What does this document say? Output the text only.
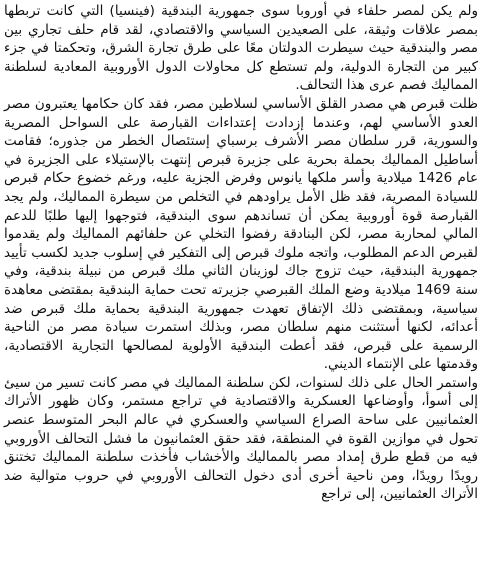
ولم يكن لمصر حلفاء في أوروبا سوى جمهورية البندقية (فينسيا) التي كانت تربطها بمصر علاقات وثيقة، على الصعيدين السياسي والاقتصادي، لقد قام حلف تجاري بين مصر والبندقية حيث سيطرت الدولتان معًا على طرق تجارة الشرق، وتحكمتا في جزء كبير من التجارة الدولية، ولم تستطع كل محاولات الدول الأوروبية المعادية لسلطنة المماليك فصم عرى هذا التحالف.

ظلت قبرص هي مصدر القلق الأساسي لسلاطين مصر، فقد كان حكامها يعتبرون مصر العدو الأساسي لهم، وعندما إزدادت إعتداءات القبارصة على السواحل المصرية والسورية، قرر سلطان مصر الأشرف برسباي إستئصال الخطر من جذوره؛ فقامت أساطيل المماليك بحملة بحرية على جزيرة قبرص إنتهت بالإستيلاء على الجزيرة في عام 1426 ميلادية وأسر ملكها يانوس وفرض الجزية عليه، ورغم خضوع حكام قبرص للسيادة المصرية، فقد ظل الأمل يراودهم في التخلص من سيطرة المماليك، ولم يجد القبارصة قوة أوروبية يمكن أن تساندهم سوى البندقية، فتوجهوا إليها طلبًا للدعم المالي لمحاربة مصر، لكن البنادقة رفضوا التخلي عن حلفائهم المماليك ولم يقدموا لقبرص الدعم المطلوب، واتجه ملوك قبرص إلى التفكير في إسلوب جديد لكسب تأييد جمهورية البندقية، حيث تزوج جاك لوزينان الثاني ملك قبرص من نبيلة بندقية، وفي سنة 1469 ميلادية وضع الملك القبرصي جزيرته تحت حماية البندقية بمقتضى معاهدة سياسية، وبمقتضى ذلك الإتفاق تعهدت جمهورية البندقية بحماية ملك قبرص ضد أعدائه، لكنها أستثنت منهم سلطان مصر، وبذلك استمرت سيادة مصر من الناحية الرسمية على قبرص، فقد أعطت البندقية الأولوية لمصالحها التجارية الاقتصادية، وقدمتها على الإنتماء الديني.

واستمر الحال على ذلك لسنوات، لكن سلطنة المماليك في مصر كانت تسير من سيئ إلى أسوأ، وأوضاعها العسكرية والاقتصادية في تراجع مستمر، وكان ظهور الأتراك العثمانيين على ساحة الصراع السياسي والعسكري في عالم البحر المتوسط عنصر تحول في موازين القوة في المنطقة، فقد حقق العثمانيون ما فشل التحالف الأوروبي فيه من قطع طرق إمداد مصر بالمماليك والأخشاب فأخذت سلطنة المماليك تختنق رويدًا رويدًا، ومن ناحية أخرى أدى دخول التحالف الأوروبي في حروب متوالية ضد الأتراك العثمانيين، إلى تراجع
